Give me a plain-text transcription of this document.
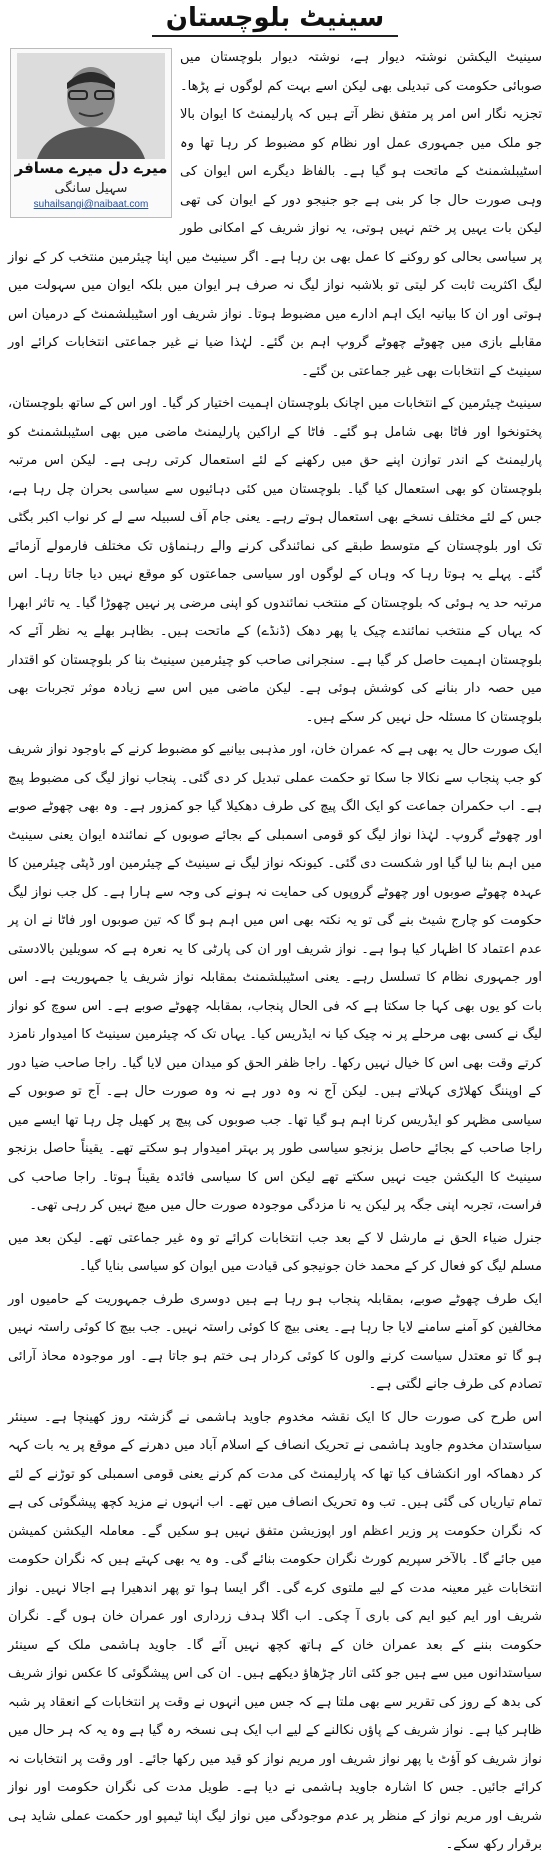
سینیٹ بلوچستان
میرے دل میرے مسافر
سہیل سانگی
suhailsangi@naibaat.com

سینیٹ الیکشن نوشتہ دیوار ہے، نوشتہ دیوار بلوچستان میں صوبائی حکومت کی تبدیلی بھی لیکن اسے بہت کم لوگوں نے پڑھا۔ تجزیہ نگار اس امر پر متفق نظر آتے ہیں کہ پارلیمنٹ کا ایوان بالا جو ملک میں جمہوری عمل اور نظام کو مضبوط کر رہا تھا وہ اسٹیبلشمنٹ کے ماتحت ہو گیا ہے۔ بالفاظ دیگرے اس ایوان کی وہی صورت حال جا کر بنی ہے جو جنیجو دور کے ایوان کی تھی لیکن بات یہیں پر ختم نہیں ہوتی، یہ نواز شریف کے امکانی طور پر سیاسی بحالی کو روکنے کا عمل بھی بن رہا ہے۔ اگر سینیٹ میں اپنا چیئرمین منتخب کر کے نواز لیگ اکثریت ثابت کر لیتی تو بلاشبہ نواز لیگ نہ صرف ہر ایوان میں بلکہ ایوان میں سہولت میں ہوتی اور ان کا بیانیہ ایک اہم ادارے میں مضبوط ہوتا۔ نواز شریف اور اسٹیبلشمنٹ کے درمیان اس مقابلے بازی میں چھوٹے چھوٹے گروپ اہم بن گئے۔ لہٰذا ضیا نے غیر جماعتی انتخابات کرائے اور سینیٹ کے انتخابات بھی غیر جماعتی بن گئے۔

سینیٹ چیئرمین کے انتخابات میں اچانک بلوچستان اہمیت اختیار کر گیا۔ اور اس کے ساتھ بلوچستان، پختونخوا اور فاٹا بھی شامل ہو گئے۔ فاٹا کے اراکین پارلیمنٹ ماضی میں بھی اسٹیبلشمنٹ کو پارلیمنٹ کے اندر توازن اپنے حق میں رکھنے کے لئے استعمال کرتی رہی ہے۔ لیکن اس مرتبہ بلوچستان کو بھی استعمال کیا گیا۔ بلوچستان میں کئی دہائیوں سے سیاسی بحران چل رہا ہے، جس کے لئے مختلف نسخے بھی استعمال ہوتے رہے۔ یعنی جام آف لسبیلہ سے لے کر نواب اکبر بگٹی تک اور بلوچستان کے متوسط طبقے کی نمائندگی کرنے والے رہنماؤں تک مختلف فارمولے آزمائے گئے۔ پہلے یہ ہوتا رہا کہ وہاں کے لوگوں اور سیاسی جماعتوں کو موقع نہیں دیا جاتا رہا۔ اس مرتبہ حد یہ ہوئی کہ بلوچستان کے منتخب نمائندوں کو اپنی مرضی پر نہیں چھوڑا گیا۔ یہ تاثر ابھرا کہ یہاں کے منتخب نمائندے چیک یا پھر دھک (ڈنڈے) کے ماتحت ہیں۔ بظاہر بھلے یہ نظر آئے کہ بلوچستان اہمیت حاصل کر گیا ہے۔ سنجرانی صاحب کو چیئرمین سینیٹ بنا کر بلوچستان کو اقتدار میں حصہ دار بنانے کی کوشش ہوئی ہے۔ لیکن ماضی میں اس سے زیادہ موثر تجربات بھی بلوچستان کا مسئلہ حل نہیں کر سکے ہیں۔

ایک صورت حال یہ بھی ہے کہ عمران خان، اور مذہبی بیانیے کو مضبوط کرنے کے باوجود نواز شریف کو جب پنجاب سے نکالا جا سکا تو حکمت عملی تبدیل کر دی گئی۔ پنجاب نواز لیگ کی مضبوط پیچ ہے۔ اب حکمران جماعت کو ایک الگ پیچ کی طرف دھکیلا گیا جو کمزور ہے۔ وہ بھی چھوٹے صوبے اور چھوٹے گروپ۔ لہٰذا نواز لیگ کو قومی اسمبلی کے بجائے صوبوں کے نمائندہ ایوان یعنی سینیٹ میں اہم بنا لیا گیا اور شکست دی گئی۔ کیونکہ نواز لیگ نے سینیٹ کے چیئرمین اور ڈپٹی چیئرمین کا عہدہ چھوٹے صوبوں اور چھوٹے گروپوں کی حمایت نہ ہونے کی وجہ سے ہارا ہے۔ کل جب نواز لیگ حکومت کو چارج شیٹ بنے گی تو یہ نکتہ بھی اس میں اہم ہو گا کہ تین صوبوں اور فاٹا نے ان پر عدم اعتماد کا اظہار کیا ہوا ہے۔ نواز شریف اور ان کی پارٹی کا یہ نعرہ ہے کہ سویلین بالادستی اور جمہوری نظام کا تسلسل رہے۔ یعنی اسٹیبلشمنٹ بمقابلہ نواز شریف یا جمہوریت ہے۔ اس بات کو یوں بھی کہا جا سکتا ہے کہ فی الحال پنجاب، بمقابلہ چھوٹے صوبے ہے۔ اس سوچ کو نواز لیگ نے کسی بھی مرحلے پر نہ چیک کیا نہ ایڈریس کیا۔ یہاں تک کہ چیئرمین سینیٹ کا امیدوار نامزد کرتے وقت بھی اس کا خیال نہیں رکھا۔ راجا ظفر الحق کو میدان میں لایا گیا۔ راجا صاحب ضیا دور کے اوپننگ کھلاڑی کہلاتے ہیں۔ لیکن آج نہ وہ دور ہے نہ وہ صورت حال ہے۔ آج تو صوبوں کے سیاسی مظہر کو ایڈریس کرنا اہم ہو گیا تھا۔ جب صوبوں کی پیچ پر کھیل چل رہا تھا ایسے میں راجا صاحب کے بجائے حاصل بزنجو سیاسی طور پر بہتر امیدوار ہو سکتے تھے۔ یقیناً حاصل بزنجو سینیٹ کا الیکشن جیت نہیں سکتے تھے لیکن اس کا سیاسی فائدہ یقیناً ہوتا۔ راجا صاحب کی فراست، تجربہ اپنی جگہ پر لیکن یہ نا مزدگی موجودہ صورت حال میں میچ نہیں کر رہی تھی۔

جنرل ضیاء الحق نے مارشل لا کے بعد جب انتخابات کرائے تو وہ غیر جماعتی تھے۔ لیکن بعد میں مسلم لیگ کو فعال کر کے محمد خان جونیجو کی قیادت میں ایوان کو سیاسی بنایا گیا۔

ایک طرف چھوٹے صوبے، بمقابلہ پنجاب ہو رہا ہے ہیں دوسری طرف جمہوریت کے حامیوں اور مخالفین کو آمنے سامنے لایا جا رہا ہے۔ یعنی بیچ کا کوئی راستہ نہیں۔ جب بیچ کا کوئی راستہ نہیں ہو گا تو معتدل سیاست کرنے والوں کا کوئی کردار ہی ختم ہو جاتا ہے۔ اور موجودہ محاذ آرائی تصادم کی طرف جانے لگتی ہے۔

اس طرح کی صورت حال کا ایک نقشہ مخدوم جاوید ہاشمی نے گزشتہ روز کھینچا ہے۔ سینئر سیاستدان مخدوم جاوید ہاشمی نے تحریک انصاف کے اسلام آباد میں دھرنے کے موقع پر یہ بات کہہ کر دھماکہ اور انکشاف کیا تھا کہ پارلیمنٹ کی مدت کم کرنے یعنی قومی اسمبلی کو توڑنے کے لئے تمام تیاریاں کی گئی ہیں۔ تب وہ تحریک انصاف میں تھے۔ اب انہوں نے مزید کچھ پیشگوئی کی ہے کہ نگران حکومت پر وزیر اعظم اور اپوزیشن متفق نہیں ہو سکیں گے۔ معاملہ الیکشن کمیشن میں جائے گا۔ بالآخر سپریم کورٹ نگران حکومت بنائے گی۔ وہ یہ بھی کہتے ہیں کہ نگران حکومت انتخابات غیر معینہ مدت کے لیے ملتوی کرے گی۔ اگر ایسا ہوا تو پھر اندھیرا ہے اجالا نہیں۔ نواز شریف اور ایم کیو ایم کی باری آ چکی۔ اب اگلا ہدف زرداری اور عمران خان ہوں گے۔ نگران حکومت بننے کے بعد عمران خان کے ہاتھ کچھ نہیں آئے گا۔ جاوید ہاشمی ملک کے سینئر سیاستدانوں میں سے ہیں جو کئی اتار چڑھاؤ دیکھے ہیں۔ ان کی اس پیشگوئی کا عکس نواز شریف کی بدھ کے روز کی تقریر سے بھی ملتا ہے کہ جس میں انہوں نے وقت پر انتخابات کے انعقاد پر شبہ ظاہر کیا ہے۔ نواز شریف کے پاؤں نکالنے کے لیے اب ایک ہی نسخہ رہ گیا ہے وہ یہ کہ ہر حال میں نواز شریف کو آؤٹ یا پھر نواز شریف اور مریم نواز کو قید میں رکھا جائے۔ اور وقت پر انتخابات نہ کرائے جائیں۔ جس کا اشارہ جاوید ہاشمی نے دیا ہے۔ طویل مدت کی نگران حکومت اور نواز شریف اور مریم نواز کے منظر پر عدم موجودگی میں نواز لیگ اپنا ٹیمپو اور حکمت عملی شاید ہی برقرار رکھ سکے۔
